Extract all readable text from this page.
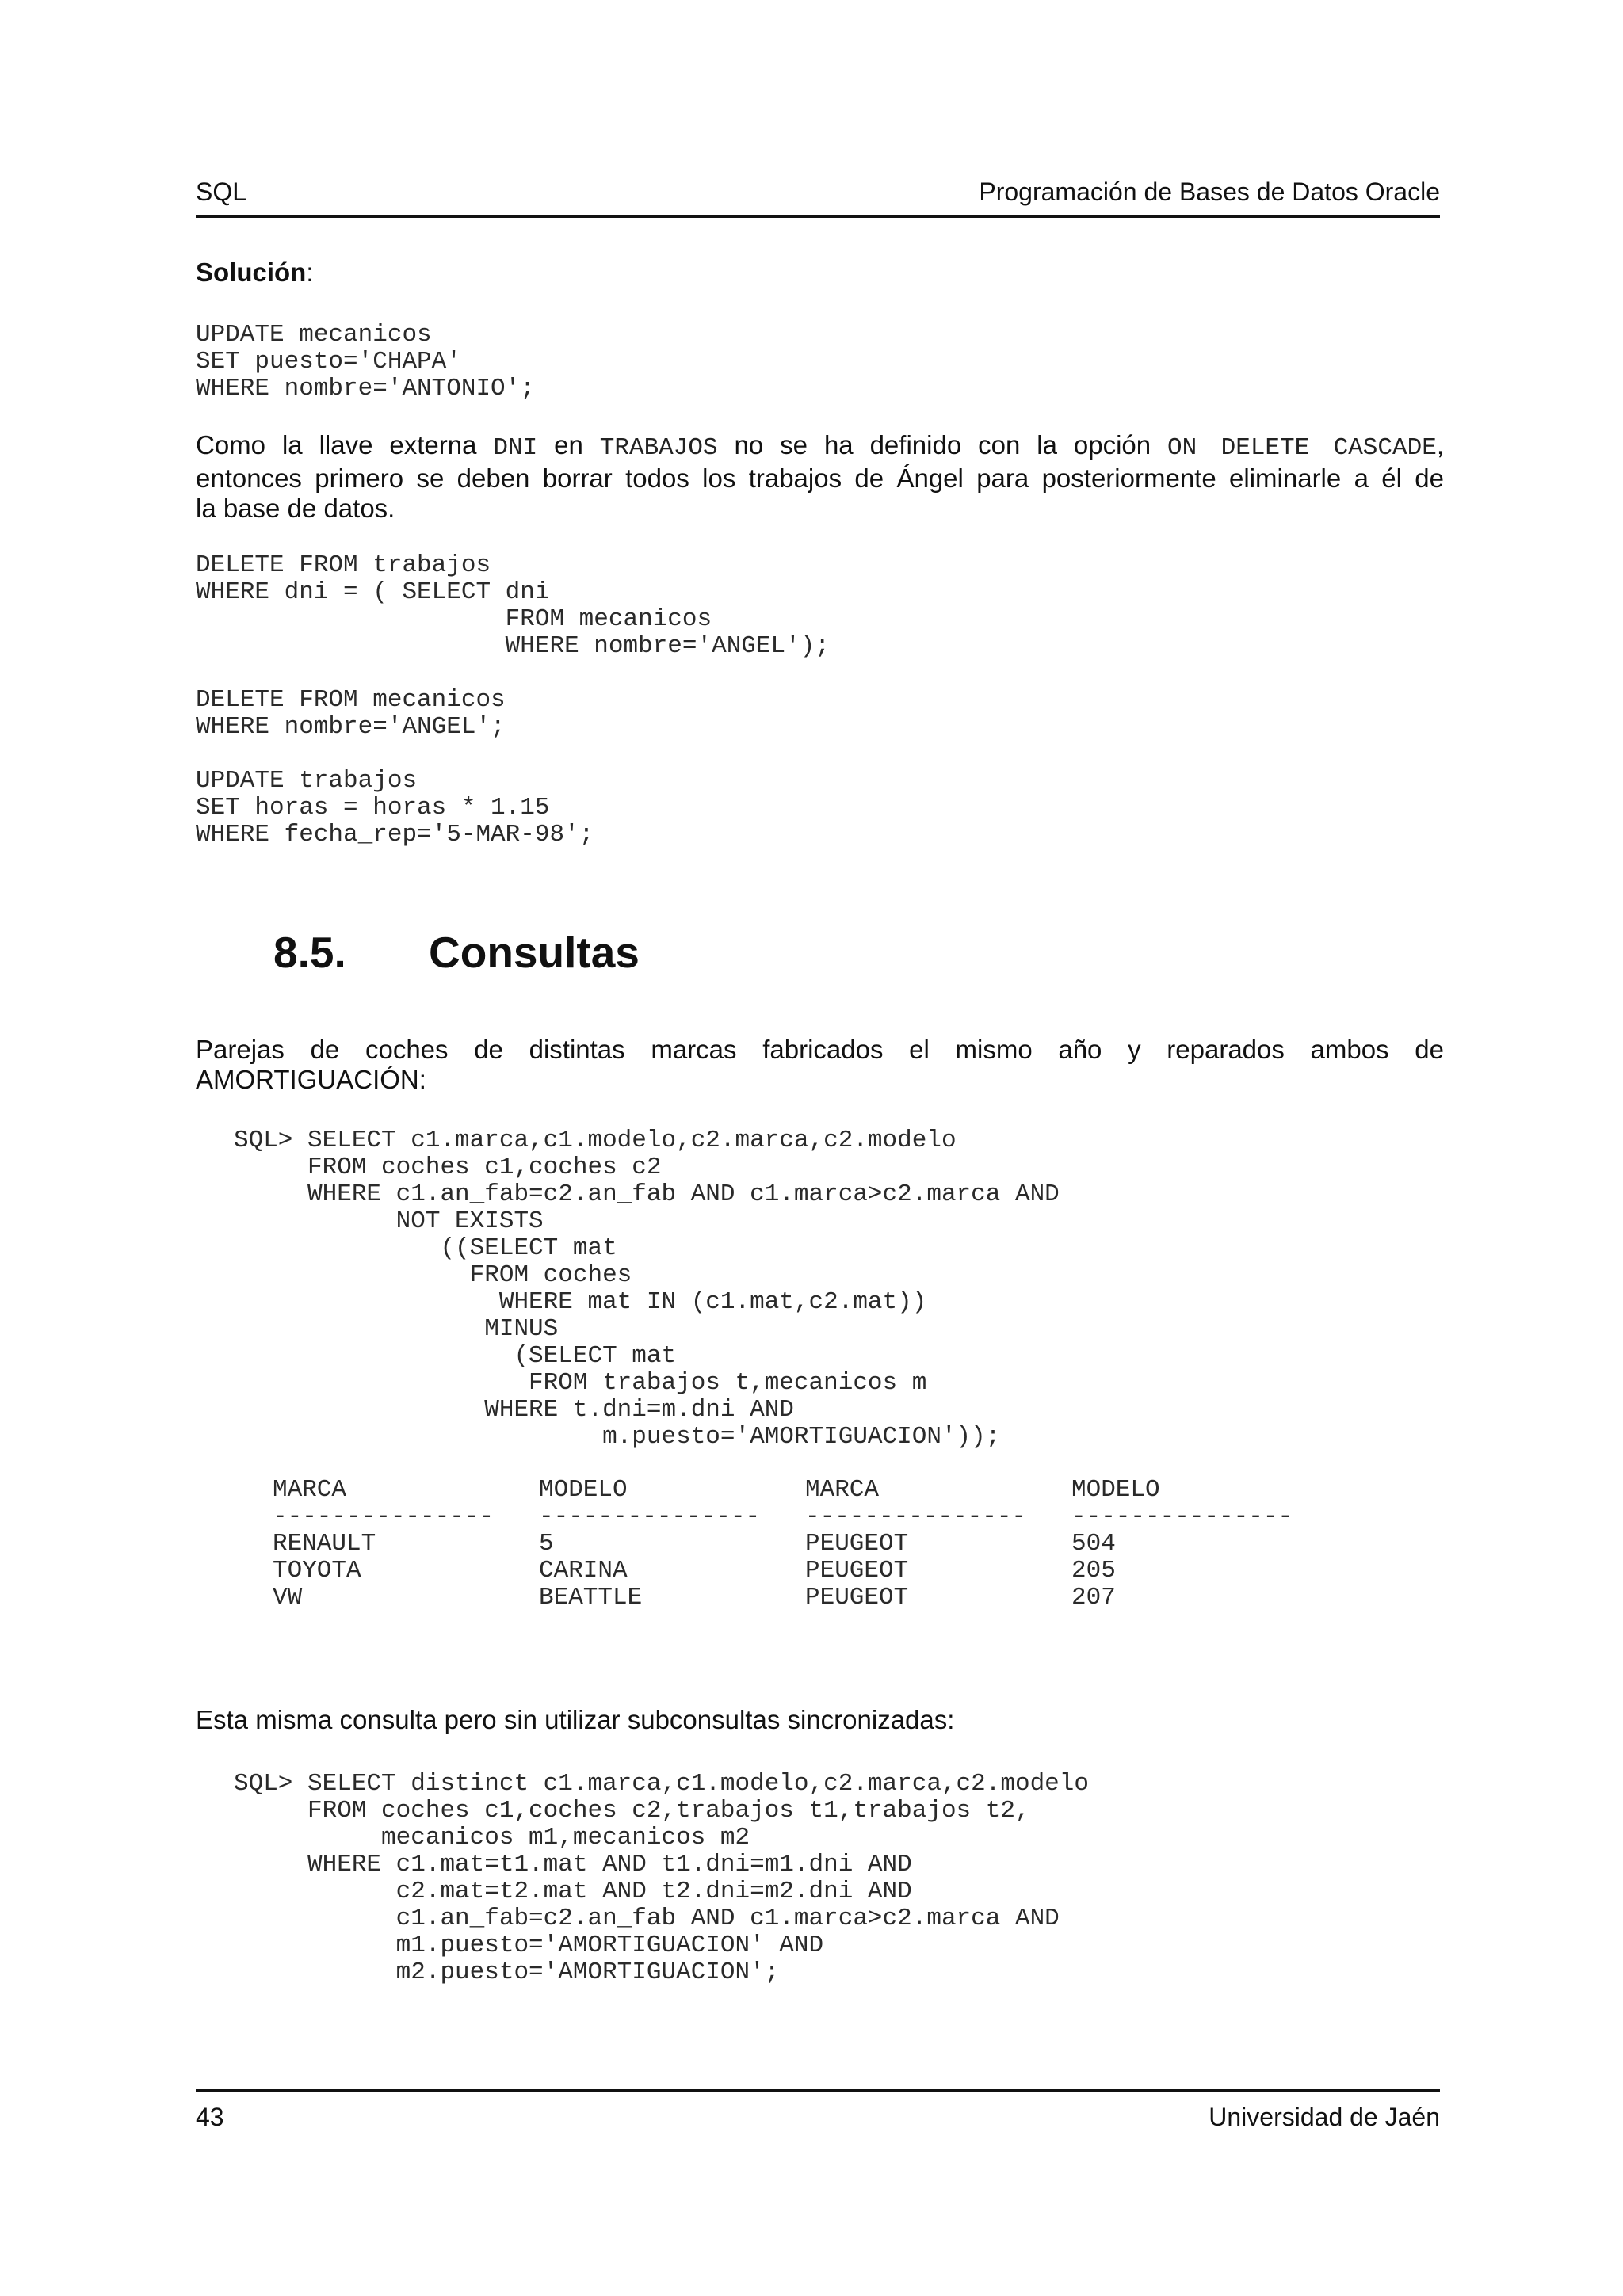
SQL	Programación de Bases de Datos Oracle
Solución:
UPDATE mecanicos
SET puesto='CHAPA'
WHERE nombre='ANTONIO';
Como la llave externa DNI en TRABAJOS no se ha definido con la opción ON DELETE CASCADE,
entonces primero se deben borrar todos los trabajos de Ángel para posteriormente eliminarle a él de
la base de datos.
DELETE FROM trabajos
WHERE dni = ( SELECT dni
FROM mecanicos
WHERE nombre='ANGEL');
DELETE FROM mecanicos
WHERE nombre='ANGEL';
UPDATE trabajos
SET horas = horas * 1.15
WHERE fecha_rep='5-MAR-98';
8.5. Consultas
Parejas de coches de distintas marcas fabricados el mismo año y reparados ambos de
AMORTIGUACIÓN:
SQL> SELECT c1.marca,c1.modelo,c2.marca,c2.modelo
FROM coches c1,coches c2
WHERE c1.an_fab=c2.an_fab AND c1.marca>c2.marca AND
NOT EXISTS
((SELECT mat
FROM coches
WHERE mat IN (c1.mat,c2.mat))
MINUS
(SELECT mat
FROM trabajos t,mecanicos m
WHERE t.dni=m.dni AND
m.puesto='AMORTIGUACION'));
MARCA	MODELO	MARCA	MODELO
---------------	---------------	---------------	---------------
RENAULT	5	PEUGEOT	504
TOYOTA	CARINA	PEUGEOT	205
VW	BEATTLE	PEUGEOT	207
Esta misma consulta pero sin utilizar subconsultas sincronizadas:
SQL> SELECT distinct c1.marca,c1.modelo,c2.marca,c2.modelo
FROM coches c1,coches c2,trabajos t1,trabajos t2,
mecanicos m1,mecanicos m2
WHERE c1.mat=t1.mat AND t1.dni=m1.dni AND
c2.mat=t2.mat AND t2.dni=m2.dni AND
c1.an_fab=c2.an_fab AND c1.marca>c2.marca AND
m1.puesto='AMORTIGUACION' AND
m2.puesto='AMORTIGUACION';
43	Universidad de Jaén
